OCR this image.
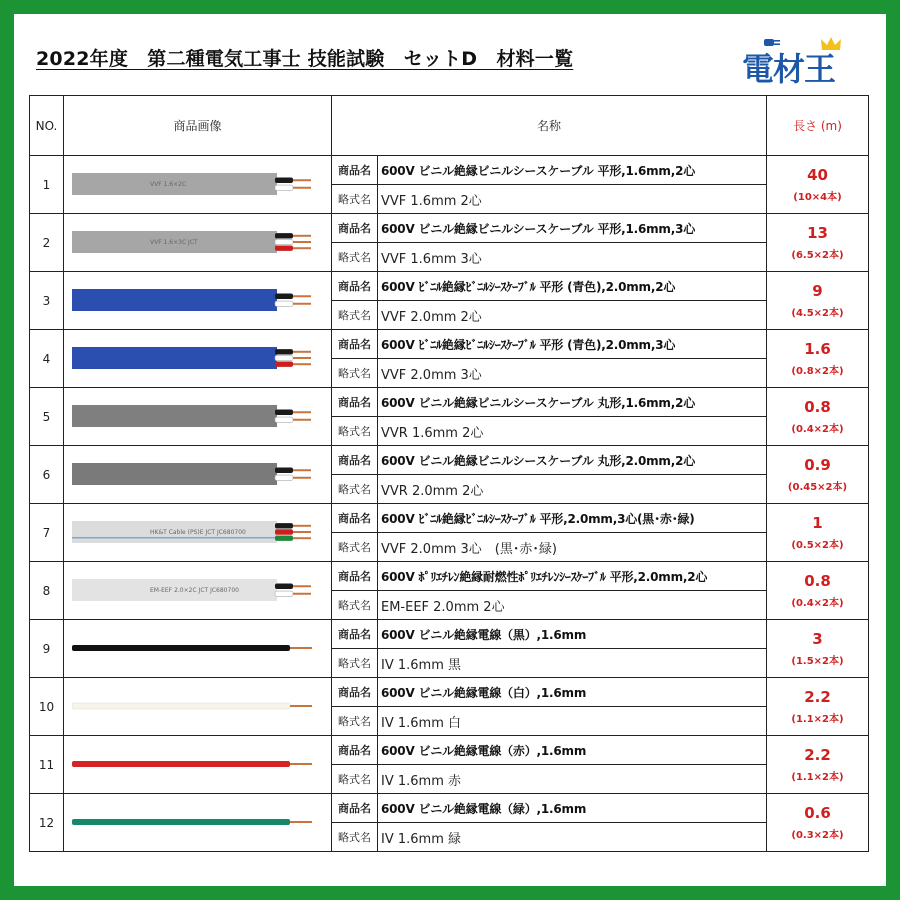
2022年度　第二種電気工事士 技能試験　セットD　材料一覧	電材王
NO.	商品画像	名称		長さ (m)
1	VVF 1.6×2C	商品名	600V ビニル絶縁ビニルシースケーブル 平形,1.6mm,2心	40
(10×4本)

		略式名	VVF 1.6mm 2心	
2	VVF 1.6×3C JCT	商品名	600V ビニル絶縁ビニルシースケーブル 平形,1.6mm,3心	13
(6.5×2本)

		略式名	VVF 1.6mm 3心	
3		商品名	600V ﾋﾞﾆﾙ絶縁ﾋﾞﾆﾙｼｰｽｹｰﾌﾞﾙ 平形 (青色),2.0mm,2心	9
(4.5×2本)

		略式名	VVF 2.0mm 2心	
4		商品名	600V ﾋﾞﾆﾙ絶縁ﾋﾞﾆﾙｼｰｽｹｰﾌﾞﾙ 平形 (青色),2.0mm,3心	1.6
(0.8×2本)

		略式名	VVF 2.0mm 3心	
5		商品名	600V ビニル絶縁ビニルシースケーブル 丸形,1.6mm,2心	0.8
(0.4×2本)

		略式名	VVR 1.6mm 2心	
6		商品名	600V ビニル絶縁ビニルシースケーブル 丸形,2.0mm,2心	0.9
(0.45×2本)

		略式名	VVR 2.0mm 2心	
7	HK&T Cable (PS)E JCT JC680700	商品名	600V ﾋﾞﾆﾙ絶縁ﾋﾞﾆﾙｼｰｽｹｰﾌﾞﾙ 平形,2.0mm,3心(黒･赤･緑)	1
(0.5×2本)

		略式名	VVF 2.0mm 3心　(黒･赤･緑)	
8	EM-EEF 2.0×2C JCT JC680700	商品名	600V ﾎﾟﾘｴﾁﾚﾝ絶縁耐燃性ﾎﾟﾘｴﾁﾚﾝｼｰｽｹｰﾌﾞﾙ 平形,2.0mm,2心	0.8
(0.4×2本)

		略式名	EM-EEF 2.0mm 2心	
9		商品名	600V ビニル絶縁電線（黒）,1.6mm	3
(1.5×2本)

		略式名	IV 1.6mm 黒	
10		商品名	600V ビニル絶縁電線（白）,1.6mm	2.2
(1.1×2本)

		略式名	IV 1.6mm 白	
11		商品名	600V ビニル絶縁電線（赤）,1.6mm	2.2
(1.1×2本)

		略式名	IV 1.6mm 赤	
12		商品名	600V ビニル絶縁電線（緑）,1.6mm	0.6
(0.3×2本)

		略式名	IV 1.6mm 緑	
